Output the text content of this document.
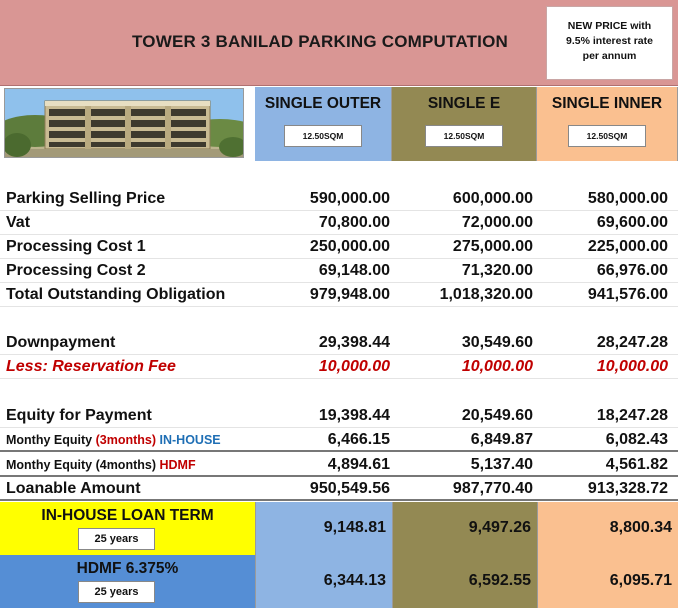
TOWER 3 BANILAD PARKING COMPUTATION
NEW PRICE with
9.5% interest rate
per annum
SINGLE OUTER
12.50SQM
SINGLE E
12.50SQM
SINGLE INNER
12.50SQM
Parking Selling Price	590,000.00	600,000.00	580,000.00
Vat	70,800.00	72,000.00	69,600.00
Processing Cost 1	250,000.00	275,000.00	225,000.00
Processing Cost 2	69,148.00	71,320.00	66,976.00
Total Outstanding Obligation	979,948.00	1,018,320.00	941,576.00
Downpayment	29,398.44	30,549.60	28,247.28
Less: Reservation Fee	10,000.00	10,000.00	10,000.00
Equity for Payment	19,398.44	20,549.60	18,247.28
Monthy Equity (3months) IN-HOUSE	6,466.15	6,849.87	6,082.43
Monthy Equity (4months) HDMF	4,894.61	5,137.40	4,561.82
Loanable Amount	950,549.56	987,770.40	913,328.72
IN-HOUSE LOAN TERM
25 years
9,148.81	9,497.26	8,800.34
HDMF 6.375%
25 years
6,344.13	6,592.55	6,095.71
